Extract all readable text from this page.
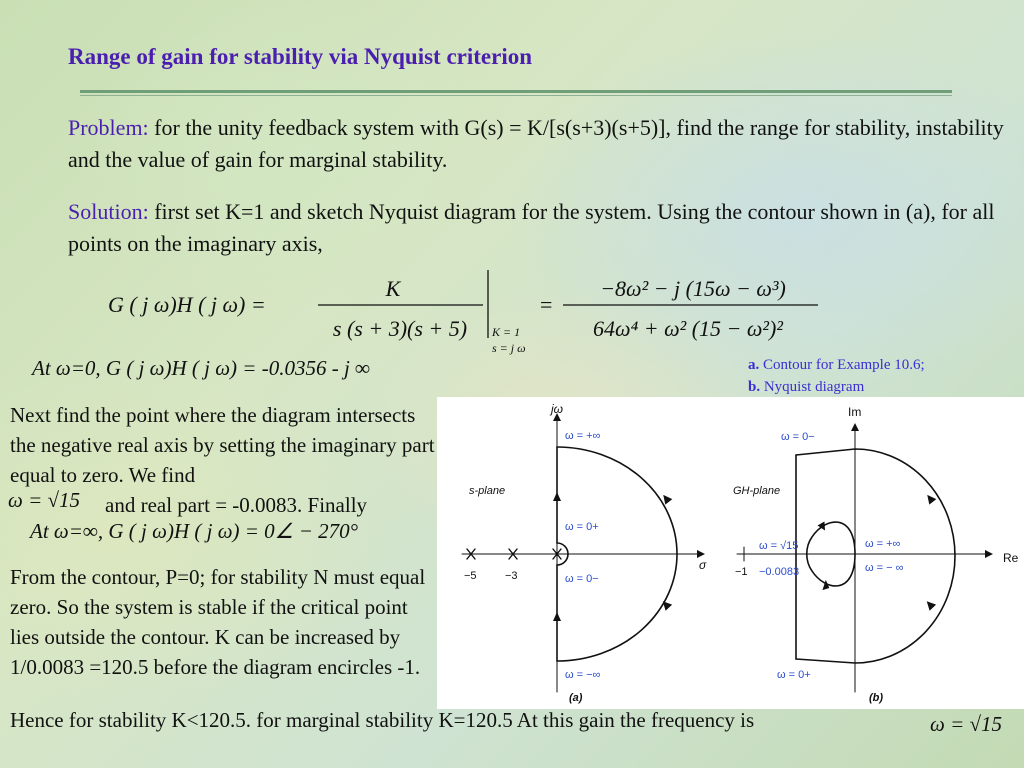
Range of gain for stability via Nyquist criterion
Problem: for the unity feedback system with G(s) = K/[s(s+3)(s+5)], find the range for stability, instability and the value of gain for marginal stability.
Solution: first set K=1 and sketch Nyquist diagram for the system. Using the contour shown in (a), for all points on the imaginary axis,
G ( j ω)H ( j ω) =
K
s (s + 3)(s + 5) K = 1
s = j ω
=
−8ω² − j (15ω − ω³)
64ω⁴ + ω² (15 − ω²)²
At ω=0, G ( j ω)H ( j ω) = -0.0356 - j ∞	a. Contour for Example 10.6;
b. Nyquist diagram
Next find the point where the diagram intersects the negative real axis by setting the imaginary part equal to zero. We find
and real part = -0.0083. Finally
ω = √15
At ω=∞, G ( j ω)H ( j ω) = 0∠ − 270°
From the contour, P=0; for stability N must equal zero. So the system is stable if the critical point lies outside the contour. K can be increased by 1/0.0083 =120.5 before the diagram encircles -1.
Hence for stability K<120.5. for marginal stability K=120.5 At this gain the frequency is	ω = √15
jω
σ
s-plane
−5	−3
ω = +∞
ω = 0+
ω = 0−
ω = −∞
(a)
Im
Re
GH-plane
−1 −0.0083
ω = 0−
ω = √15	ω = +∞
ω = − ∞
ω = 0+
(b)
